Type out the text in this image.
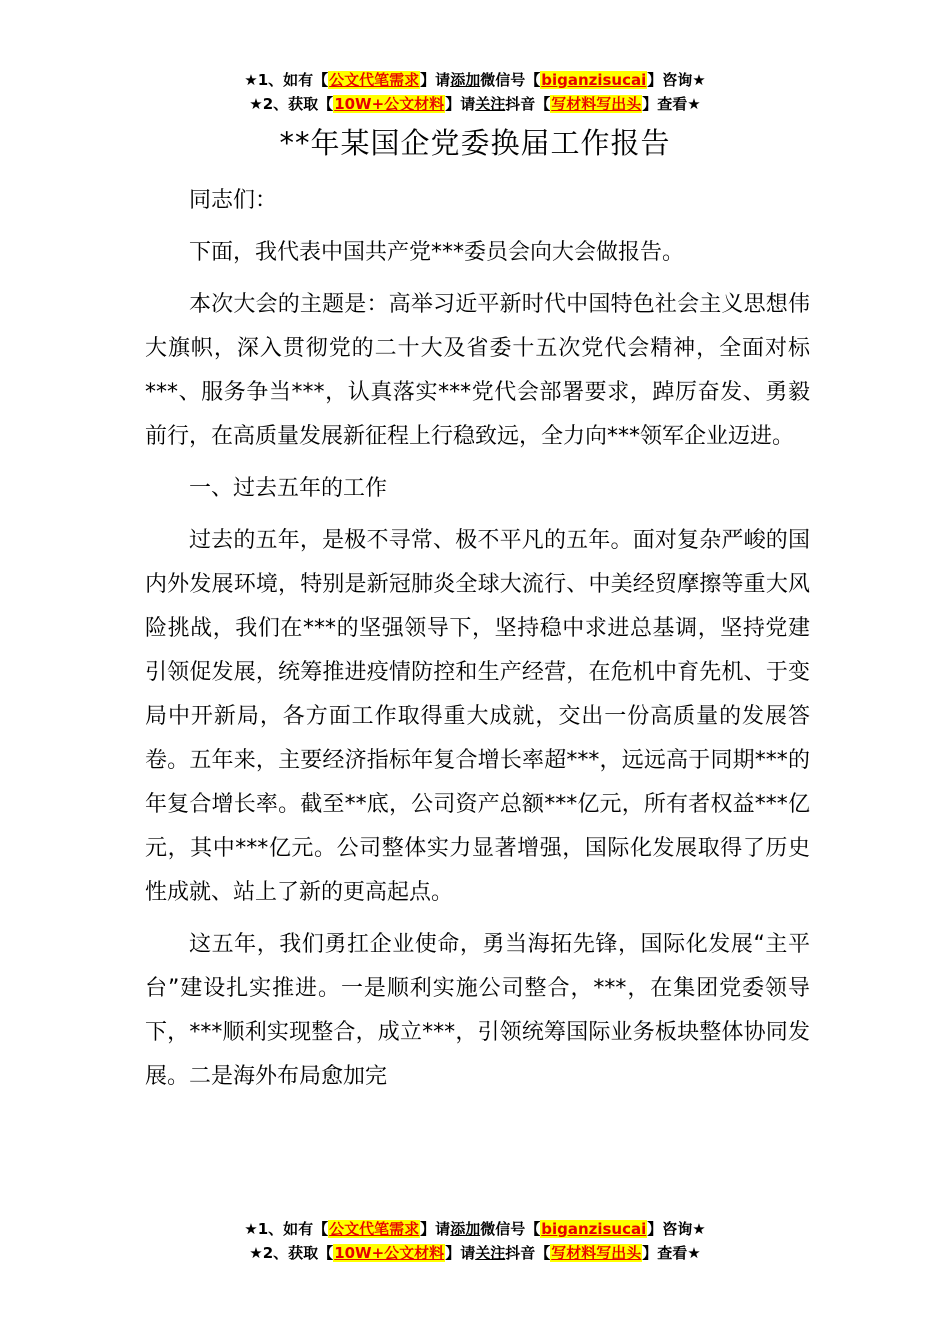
★1、如有【公文代笔需求】请添加微信号【biganzisucai】咨询★
★2、获取【10W+公文材料】请关注抖音【写材料写出头】查看★
**年某国企党委换届工作报告

同志们：

下面，我代表中国共产党***委员会向大会做报告。

本次大会的主题是：高举习近平新时代中国特色社会主义思想伟大旗帜，深入贯彻党的二十大及省委十五次党代会精神，全面对标***、服务争当***，认真落实***党代会部署要求，踔厉奋发、勇毅前行，在高质量发展新征程上行稳致远，全力向***领军企业迈进。

一、过去五年的工作

过去的五年，是极不寻常、极不平凡的五年。面对复杂严峻的国内外发展环境，特别是新冠肺炎全球大流行、中美经贸摩擦等重大风险挑战，我们在***的坚强领导下，坚持稳中求进总基调，坚持党建引领促发展，统筹推进疫情防控和生产经营，在危机中育先机、于变局中开新局，各方面工作取得重大成就，交出一份高质量的发展答卷。五年来，主要经济指标年复合增长率超***，远远高于同期***的年复合增长率。截至**底，公司资产总额***亿元，所有者权益***亿元，其中***亿元。公司整体实力显著增强，国际化发展取得了历史性成就、站上了新的更高起点。

这五年，我们勇扛企业使命，勇当海拓先锋，国际化发展“主平台”建设扎实推进。一是顺利实施公司整合，***，在集团党委领导下，***顺利实现整合，成立***，引领统筹国际业务板块整体协同发展。二是海外布局愈加完

★1、如有【公文代笔需求】请添加微信号【biganzisucai】咨询★
★2、获取【10W+公文材料】请关注抖音【写材料写出头】查看★
